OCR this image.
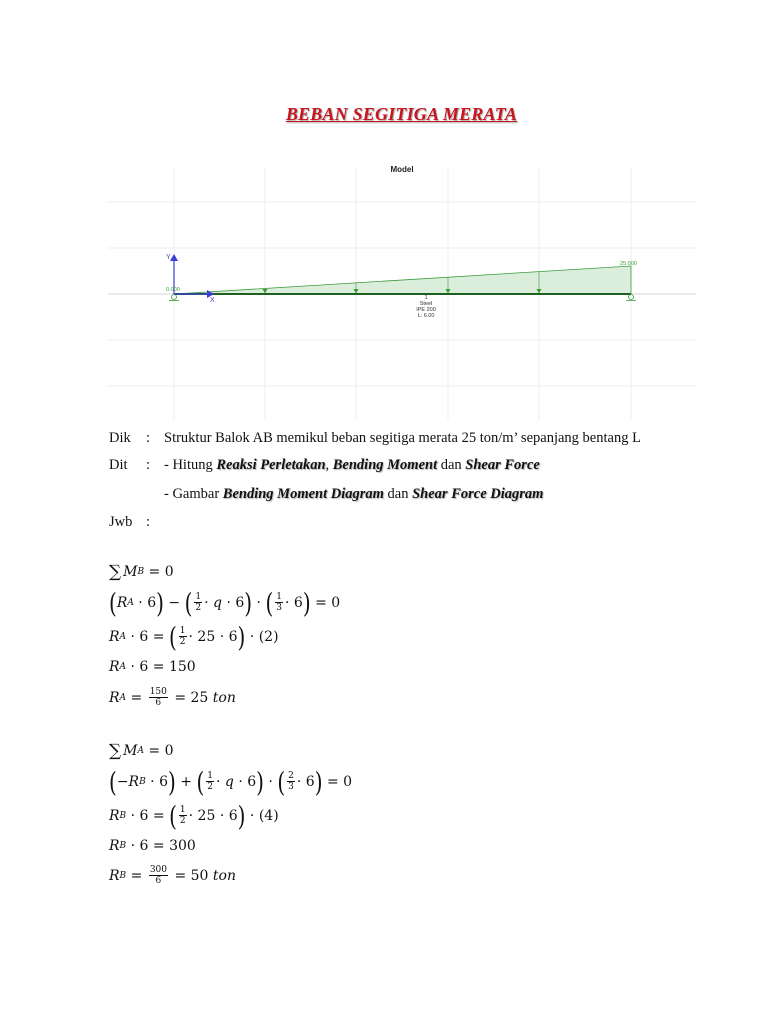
BEBAN SEGITIGA MERATA
Model
Y
X
0.000
25.000
1
Steel
IPE 200
L: 6.00
Dik : Struktur Balok AB memikul beban segitiga merata 25 ton/m’ sepanjang bentang L
Dit : - Hitung Reaksi Perletakan, Bending Moment dan Shear Force
- Gambar Bending Moment Diagram dan Shear Force Diagram
Jwb :
∑ M B = 0
( R A · 6 ) − ( $\frac{1}{2} \cdot q \cdot 6$ ) · ( $\frac{1}{3} \cdot 6$ ) = 0
R A · 6 = ( $\frac{1}{2} \cdot 25 \cdot 6$ ) · ( 2 )
R A · 6 = 150
R $A = \frac{150}{6} = 25$
ton
∑ M A = 0
( − R B · 6 ) + ( $\frac{1}{2} \cdot q \cdot 6$ ) · ( $\frac{2}{3} \cdot 6$ ) = 0
R B · 6 = ( $\frac{1}{2} \cdot 25 \cdot 6$ ) · ( 4 )
R B · 6 = 300
R $B = \frac{300}{6} = 50$
ton
